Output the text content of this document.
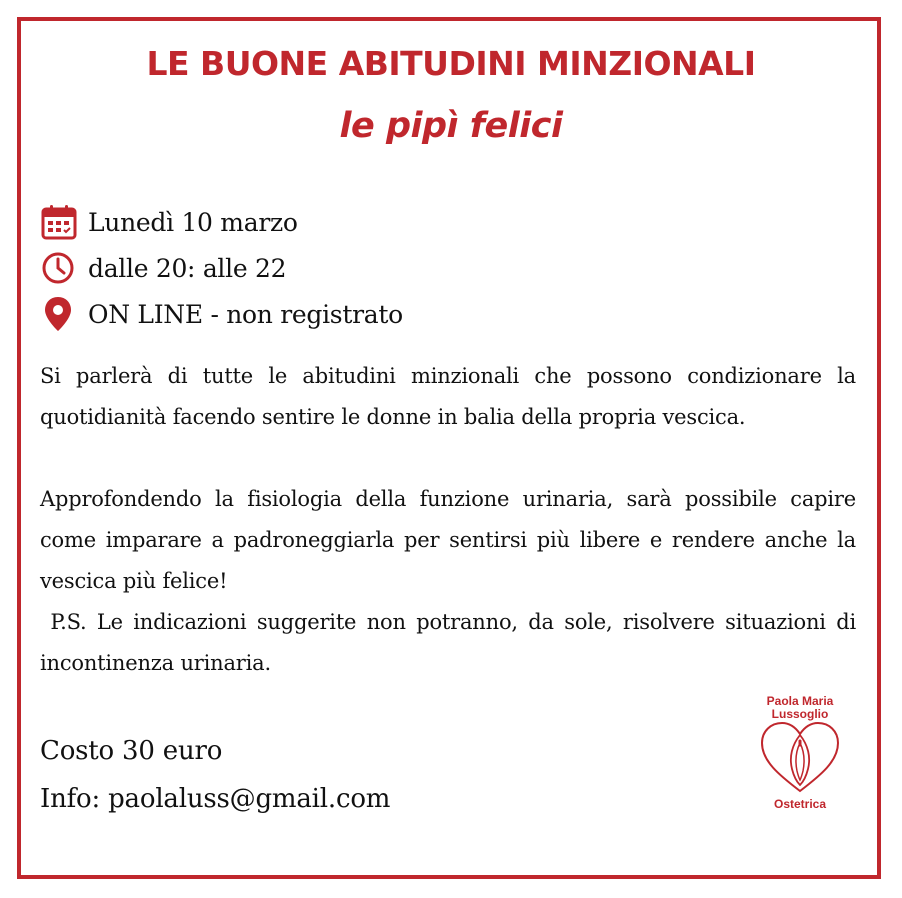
LE BUONE ABITUDINI MINZIONALI
le pipì felici
Lunedì 10 marzo
dalle 20: alle 22
ON LINE - non registrato

Si parlerà di tutte le abitudini minzionali che possono condizionare la quotidianità facendo sentire le donne in balia della propria vescica.

Approfondendo la fisiologia della funzione urinaria, sarà possibile capire come imparare a padroneggiarla per sentirsi più libere e rendere anche la vescica più felice!

P.S. Le indicazioni suggerite non potranno, da sole, risolvere situazioni di incontinenza urinaria.

Costo 30 euro

Info: paolaluss@gmail.com

Paola Maria
Lussoglio
Ostetrica
